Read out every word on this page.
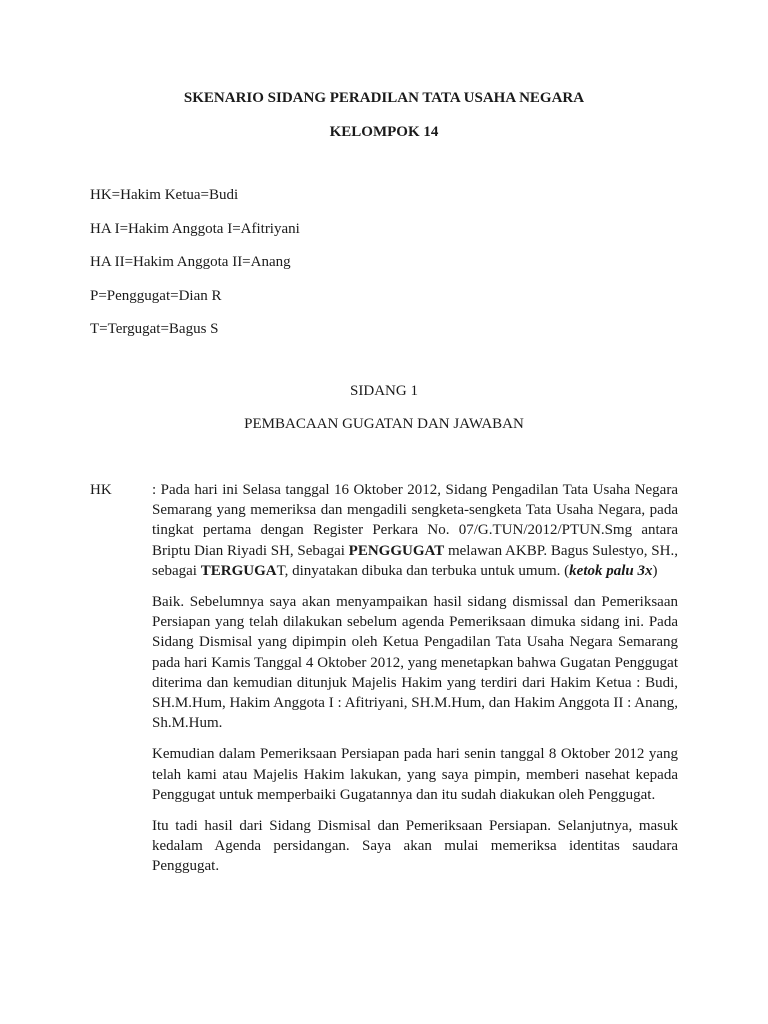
SKENARIO SIDANG PERADILAN TATA USAHA NEGARA
KELOMPOK 14
HK=Hakim Ketua=Budi
HA I=Hakim Anggota I=Afitriyani
HA II=Hakim Anggota II=Anang
P=Penggugat=Dian R
T=Tergugat=Bagus S
SIDANG 1
PEMBACAAN GUGATAN DAN JAWABAN
HK	: Pada hari ini Selasa tanggal 16 Oktober 2012, Sidang Pengadilan Tata Usaha Negara Semarang yang memeriksa dan mengadili sengketa-sengketa Tata Usaha Negara, pada tingkat pertama dengan Register Perkara No. 07/G.TUN/2012/PTUN.Smg antara Briptu Dian Riyadi SH, Sebagai PENGGUGAT melawan AKBP. Bagus Sulestyo, SH., sebagai TERGUGAT, dinyatakan dibuka dan terbuka untuk umum. (ketok palu 3x)

Baik. Sebelumnya saya akan menyampaikan hasil sidang dismissal dan Pemeriksaan Persiapan yang telah dilakukan sebelum agenda Pemeriksaan dimuka sidang ini. Pada Sidang Dismisal yang dipimpin oleh Ketua Pengadilan Tata Usaha Negara Semarang pada hari Kamis Tanggal 4 Oktober 2012, yang menetapkan bahwa Gugatan Penggugat diterima dan kemudian ditunjuk Majelis Hakim yang terdiri dari Hakim Ketua : Budi, SH.M.Hum, Hakim Anggota I : Afitriyani, SH.M.Hum, dan Hakim Anggota II : Anang, Sh.M.Hum.

Kemudian dalam Pemeriksaan Persiapan pada hari senin tanggal 8 Oktober 2012 yang telah kami atau Majelis Hakim lakukan, yang saya pimpin, memberi nasehat kepada Penggugat untuk memperbaiki Gugatannya dan itu sudah diakukan oleh Penggugat.

Itu tadi hasil dari Sidang Dismisal dan Pemeriksaan Persiapan. Selanjutnya, masuk kedalam Agenda persidangan. Saya akan mulai memeriksa identitas saudara Penggugat.
